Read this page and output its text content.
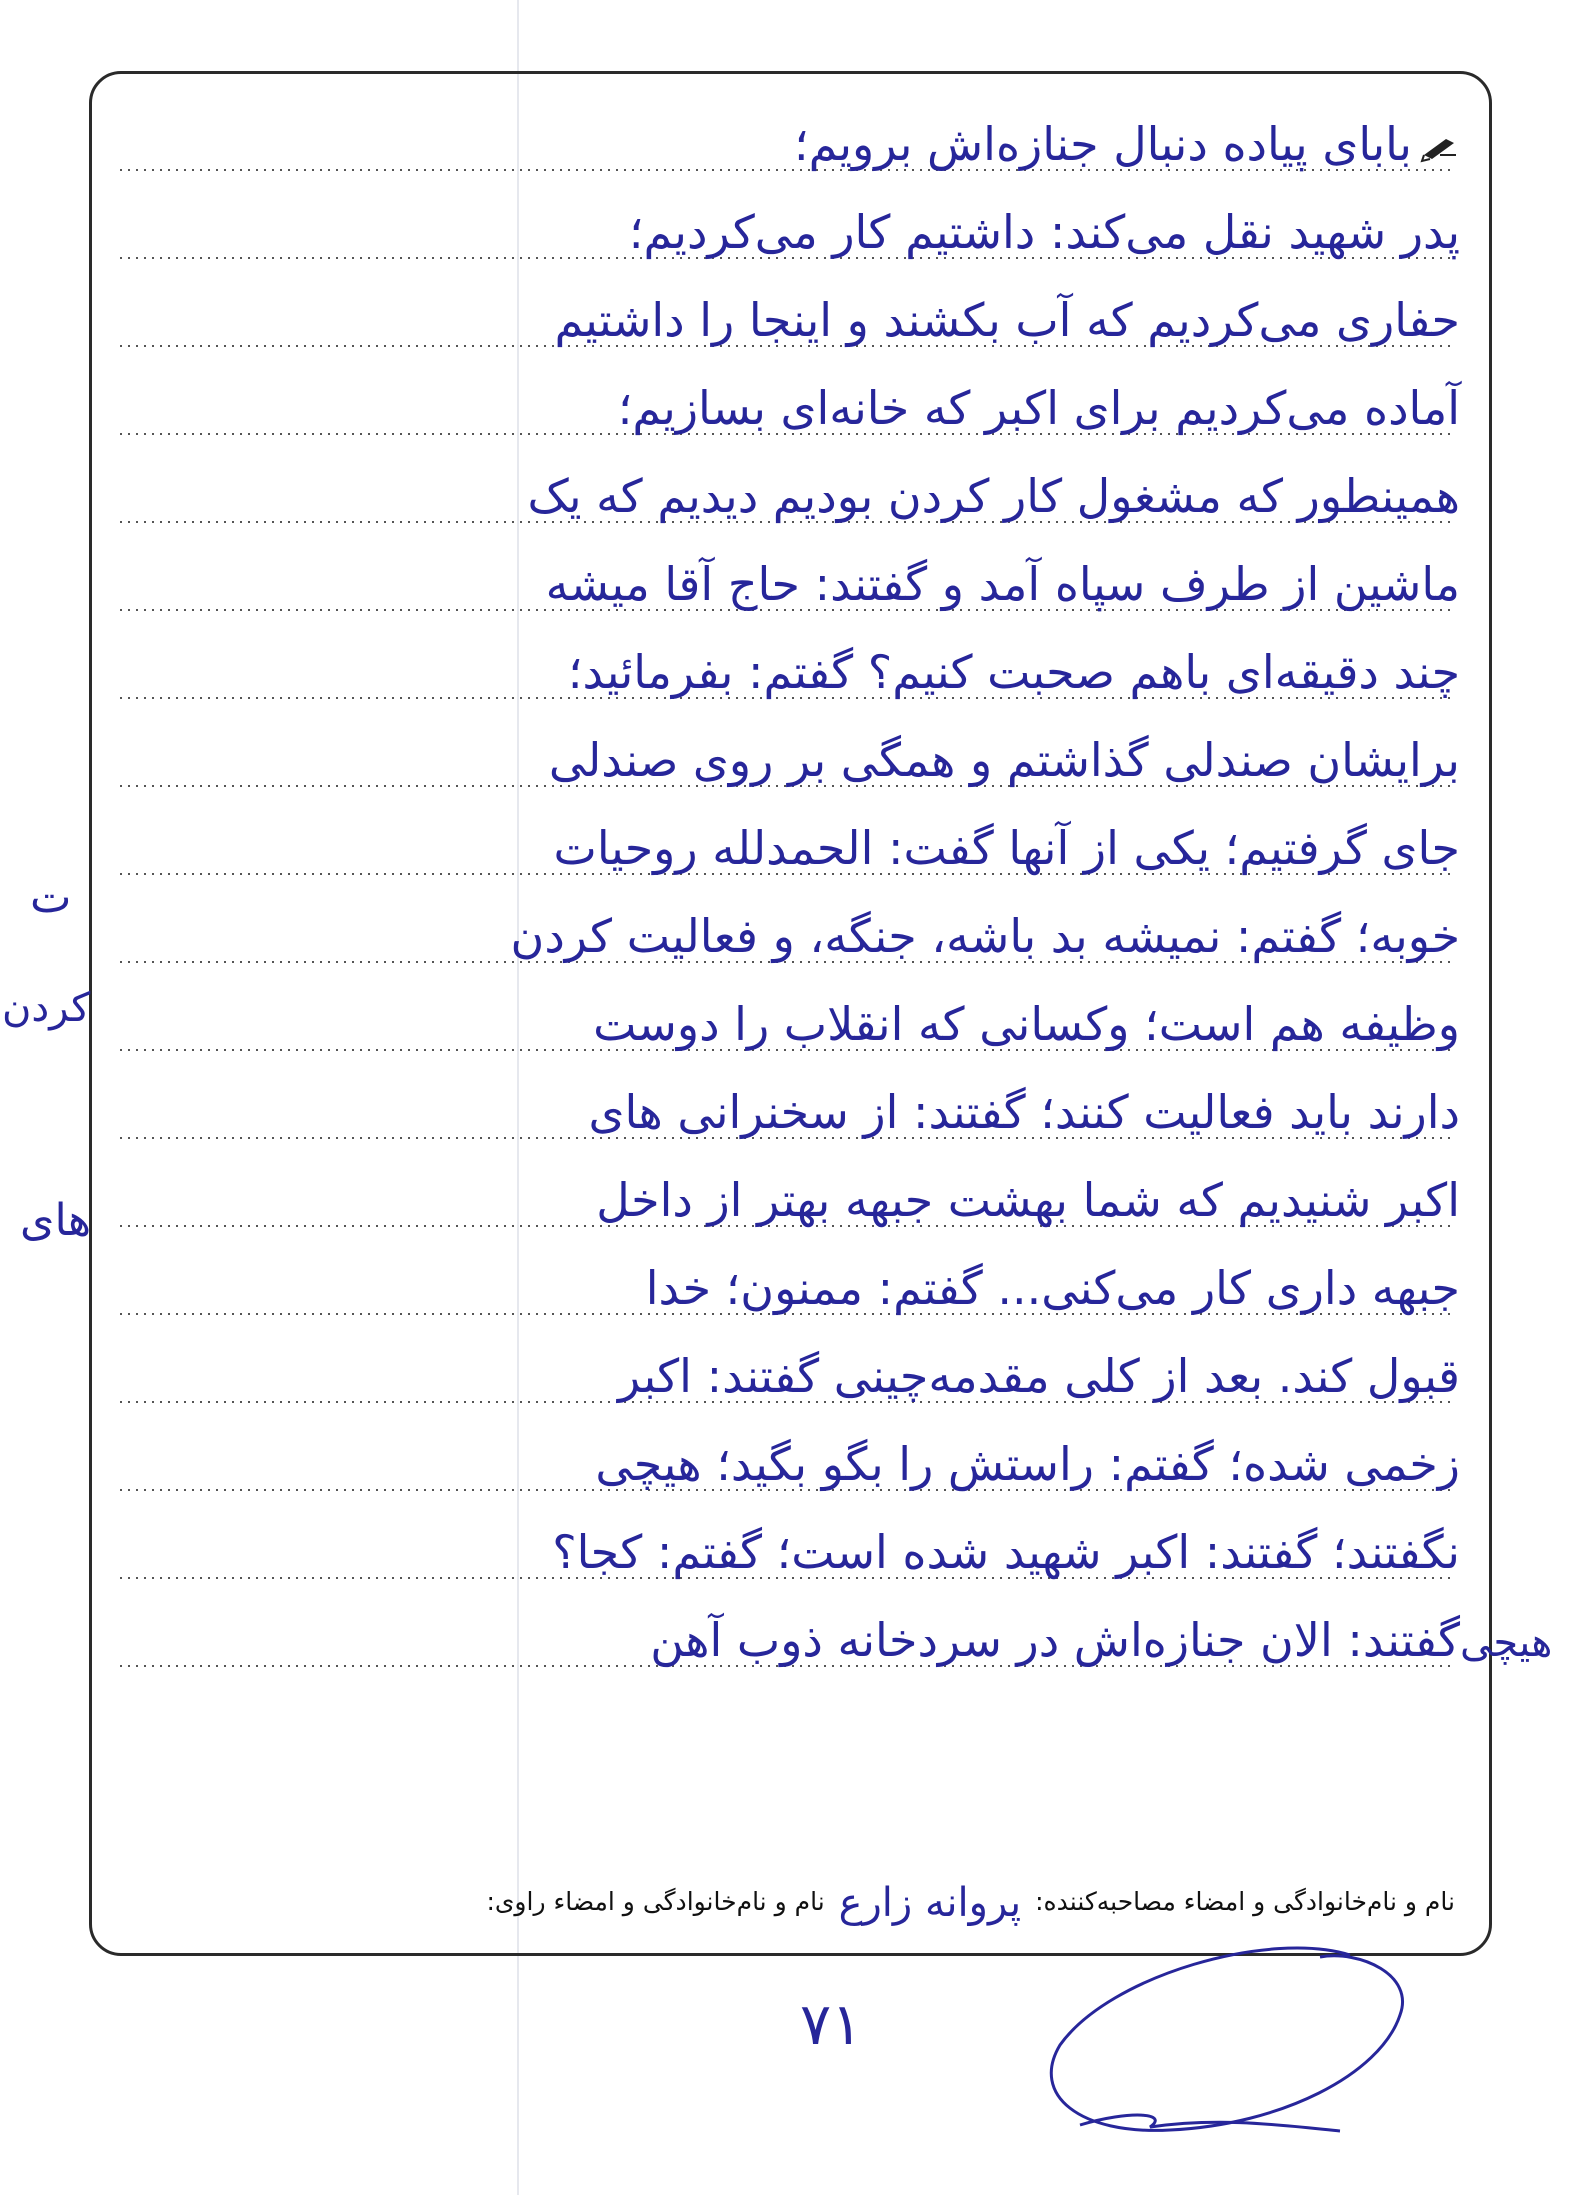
بابای پیاده دنبال جنازه‌اش برویم؛
پدر شهید نقل می‌کند: داشتیم کار می‌کردیم؛
حفاری می‌کردیم که آب بکشند و اینجا را داشتیم
آماده می‌کردیم برای اکبر که خانه‌ای بسازیم؛
همینطور که مشغول کار کردن بودیم دیدیم که یک
ماشین از طرف سپاه آمد و گفتند: حاج آقا میشه
چند دقیقه‌ای باهم صحبت کنیم؟ گفتم: بفرمائید؛
برایشان صندلی گذاشتم و همگی بر روی صندلی
جای گرفتیم؛ یکی از آنها گفت: الحمدلله روحیات
خوبه؛ گفتم: نمیشه بد باشه، جنگه، و فعالیت کردن
وظیفه هم است؛ وکسانی که انقلاب را دوست
دارند باید فعالیت کنند؛ گفتند: از سخنرانی های
اکبر شنیدیم که شما بهشت جبهه بهتر از داخل
جبهه داری کار می‌کنی... گفتم: ممنون؛ خدا
قبول کند. بعد از کلی مقدمه‌چینی گفتند: اکبر
زخمی شده؛ گفتم: راستش را بگو بگید؛ هیچی
نگفتند؛ گفتند: اکبر شهید شده است؛ گفتم: کجا؟
گفتند: الان جنازه‌اش در سردخانه ذوب آهن
ت
کردن
های
هیچی
نام و نام‌خانوادگی و امضاء مصاحبه‌کننده: پروانه زارع نام و نام‌خانوادگی و امضاء راوی:
۷۱
